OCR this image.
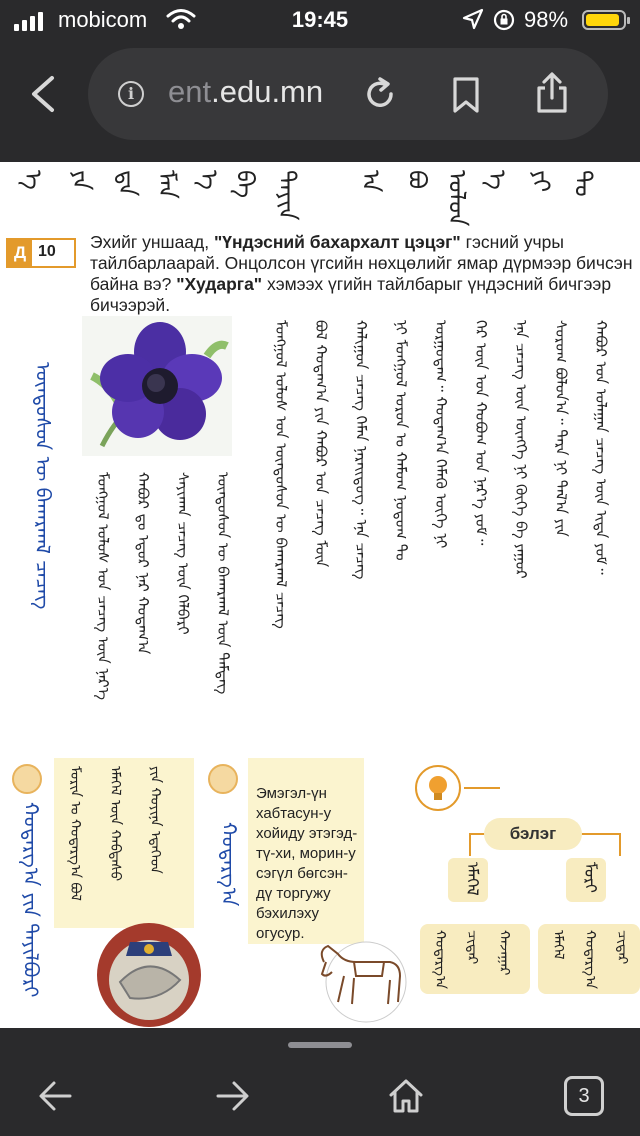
mobicom	19:45	98%
i	ent.edu.mn
ᠡ ᠶᠡ ᠳᠡ ᠮᠡᠨ ᠡ ᠪᠠ ᠲᠡᠶᠢᠨ ᠠ ᠪᠣ ᠣᠯᠤᠨ ᠡ ᠶᠢ ᠲᠤ
Д 10 Эхийг уншаад, "Үндэсний бахархалт цэцэг" гэсний учры тайлбарлаарай. Онцолсон үгсийн нөхцөлийг ямар дүрмээр бичсэн байна вэ? "Хударга" хэмээх үгийн тайлбарыг үндэсний бичгээр бичээрэй.
ᠦᠨᠳᠦᠰᠦᠨ ᠦ ᠪᠠᠬᠠᠷᠬᠠᠯ ᠴᠡᠴᠡᠭ	ᠮᠣᠩᠭᠣᠯ ᠤᠯᠤᠰ ᠤᠨ ᠴᠡᠴᠡᠭ ᠦᠨ ᠨᠡᠷ᠎ᠡ ᠬᠠᠪᠤᠷ ᠳᠤ ᠡᠳᠦᠷ ᠨᠠᠷ ᠬᠣᠳᠠᠭ᠎ᠠ ᠰᠠᠶᠢᠬᠠᠨ ᠴᠡᠴᠡᠭ ᠦᠨ ᠬᠡᠯᠪᠡᠷᠢ ᠦᠨᠳᠦᠰᠦᠨ ᠦ ᠪᠠᠬᠠᠷᠬᠠᠯ ᠦᠨ ᠲᠡᠮᠳᠡᠭ	ᠮᠣᠩᠭᠣᠯ ᠤᠯᠤᠰ ᠤᠨ ᠦᠨᠳᠦᠰᠦᠨ ᠦ ᠪᠠᠬᠠᠷᠬᠠᠯ ᠴᠡᠴᠡᠭ ᠪᠣᠯ ᠬᠣᠳᠠᠭ᠎ᠠ ᠶᠢᠨ ᠬᠠᠪᠤᠷ ᠤᠨ ᠴᠡᠴᠡᠭ ᠮᠥᠨ ᠬᠠᠯᠢᠭᠤᠨ ᠴᠡᠴᠡᠭ ᠬᠡᠮᠡᠨ ᠨᠡᠷᠡᠢᠳᠦᠭ᠃ ᠡᠨᠡ ᠴᠡᠴᠡᠭ ᠨᠢ ᠮᠣᠩᠭᠣᠯ ᠣᠷᠣᠨ ᠤ ᠬᠠᠮᠤᠭ ᠨᠤᠲᠤᠭ ᠲᠤ ᠤᠷᠭᠤᠳᠠᠭ᠃ ᠬᠣᠳᠠᠭ᠎ᠠ ᠬᠡᠮᠡᠬᠦ ᠦᠭᠡ ᠨᠢ ᠭᠡᠷ ᠦᠨ ᠡᠳ ᠬᠣᠪᠤᠭ ᠤᠨ ᠨᠡᠷ᠎ᠡ ᠶᠤᠮ᠃ ᠡᠨᠡ ᠴᠡᠴᠡᠭ ᠦᠨ ᠥᠩᠭᠡ ᠨᠢ ᠬᠥᠬᠡ ᠪᠠ ᠶᠠᠭᠤᠷ ᠰᠣᠷᠣᠭ ᠪᠣᠯᠤᠨ᠎ᠠ᠃ ᠲᠡᠷᠡ ᠨᠢ ᠲᠠᠯ᠎ᠠ ᠶᠢᠨ ᠬᠠᠪᠤᠷ ᠤᠨ ᠤᠯᠠᠭᠠᠨ ᠴᠡᠴᠡᠭ ᠦᠨ ᠢᠳᠡ ᠶᠤᠮ᠃
ᠬᠤᠳᠠᠷᠭ᠎ᠠ ᠶᠢᠨ ᠲᠠᠶᠢᠯᠪᠤᠷᠢ	ᠮᠣᠷᠢᠨ ᠤ ᠬᠤᠳᠠᠷᠭ᠎ᠠ ᠪᠣᠯ	ᠡᠮᠡᠭᠡᠯ ᠦᠨ ᠬᠠᠪᠲᠠᠰᠤ	ᠶᠢᠨ ᠬᠣᠶᠢᠨᠠ ᠡᠲᠡᠭᠡᠳ	ᠬᠤᠳᠠᠷᠭ᠎ᠠ
Эмэгэл-үн хабтасун-у хойиду этэгэд-тү-хи, морин-у сэгүл бөгсэн-дү торгужу бэхилэху огусур.
бэлэг
ᠡᠮᠡᠭᠡᠯ	ᠮᠣᠷᠢ
ᠬᠤᠳᠠᠷᠭ᠎ᠠ ᠴᠢᠳᠠᠷ ᠬᠠᠵᠠᠭᠠᠷ	ᠡᠮᠡᠭᠡᠯ ᠬᠤᠳᠠᠷᠭ᠎ᠠ ᠴᠢᠳᠠᠷ
3
